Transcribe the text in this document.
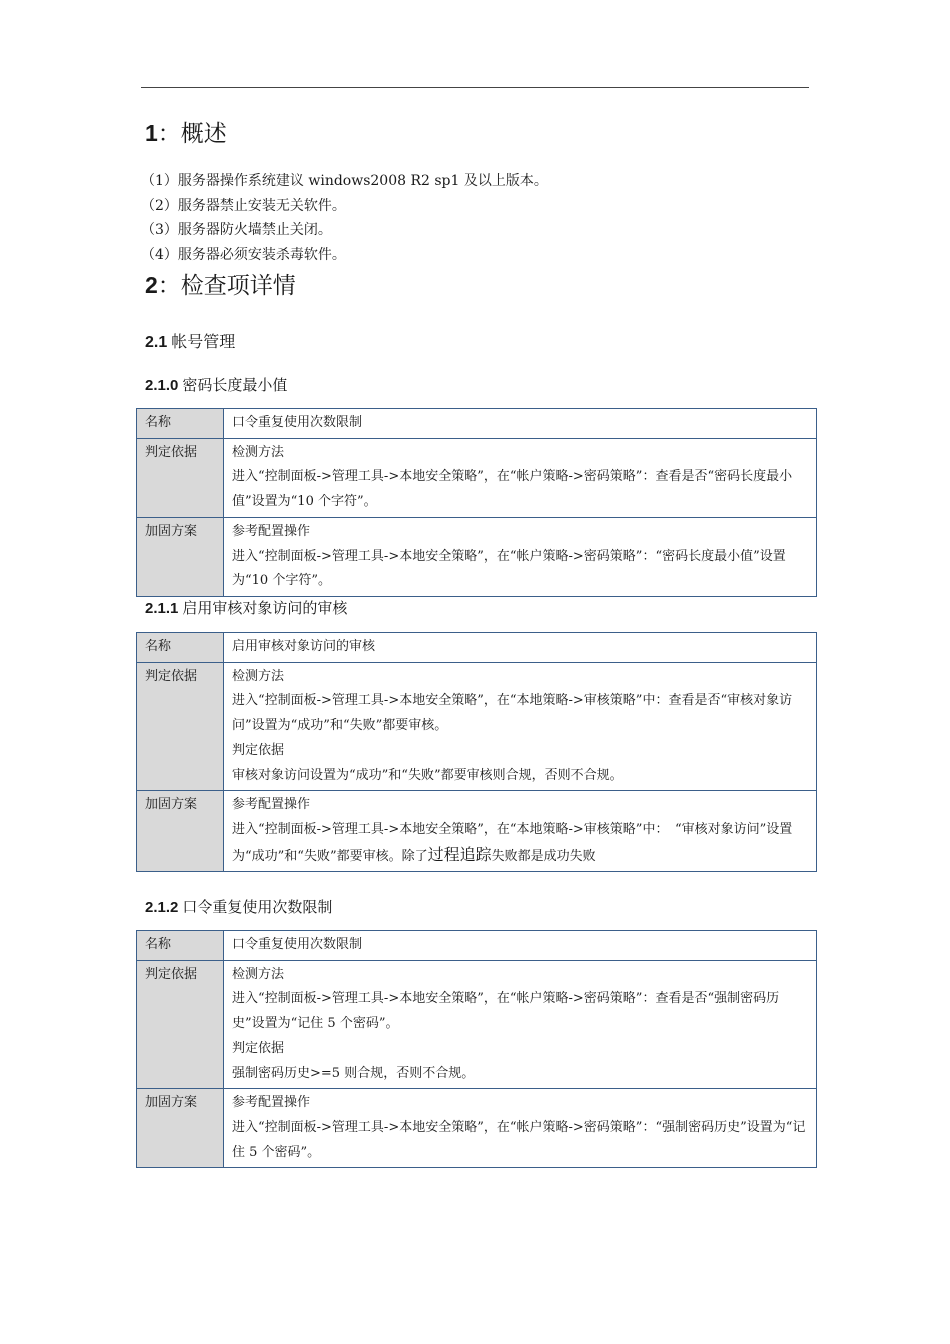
1：概述
（1）服务器操作系统建议 windows2008 R2 sp1 及以上版本。
（2）服务器禁止安装无关软件。
（3）服务器防火墙禁止关闭。
（4）服务器必须安装杀毒软件。
2：检查项详情
2.1 帐号管理
2.1.0 密码长度最小值
名称	口令重复使用次数限制
判定依据	检测方法
进入“控制面板->管理工具->本地安全策略”，在“帐户策略->密码策略”：查看是否“密码长度最小值”设置为“10 个字符”。

加固方案	参考配置操作
进入“控制面板->管理工具->本地安全策略”，在“帐户策略->密码策略”：“密码长度最小值”设置为“10 个字符”。
2.1.1 启用审核对象访问的审核
名称	启用审核对象访问的审核
判定依据	检测方法
进入“控制面板->管理工具->本地安全策略”，在“本地策略->审核策略”中：查看是否“审核对象访问”设置为“成功”和“失败”都要审核。
判定依据
审核对象访问设置为“成功”和“失败”都要审核则合规，否则不合规。

加固方案	参考配置操作
进入“控制面板->管理工具->本地安全策略”，在“本地策略->审核策略”中：　“审核对象访问”设置为“成功”和“失败”都要审核。除了过程追踪失败都是成功失败
2.1.2 口令重复使用次数限制
名称	口令重复使用次数限制
判定依据	检测方法
进入“控制面板->管理工具->本地安全策略”，在“帐户策略->密码策略”：查看是否“强制密码历史”设置为“记住 5 个密码”。
判定依据
强制密码历史>=5 则合规，否则不合规。

加固方案	参考配置操作
进入“控制面板->管理工具->本地安全策略”，在“帐户策略->密码策略”：“强制密码历史”设置为“记住 5 个密码”。
